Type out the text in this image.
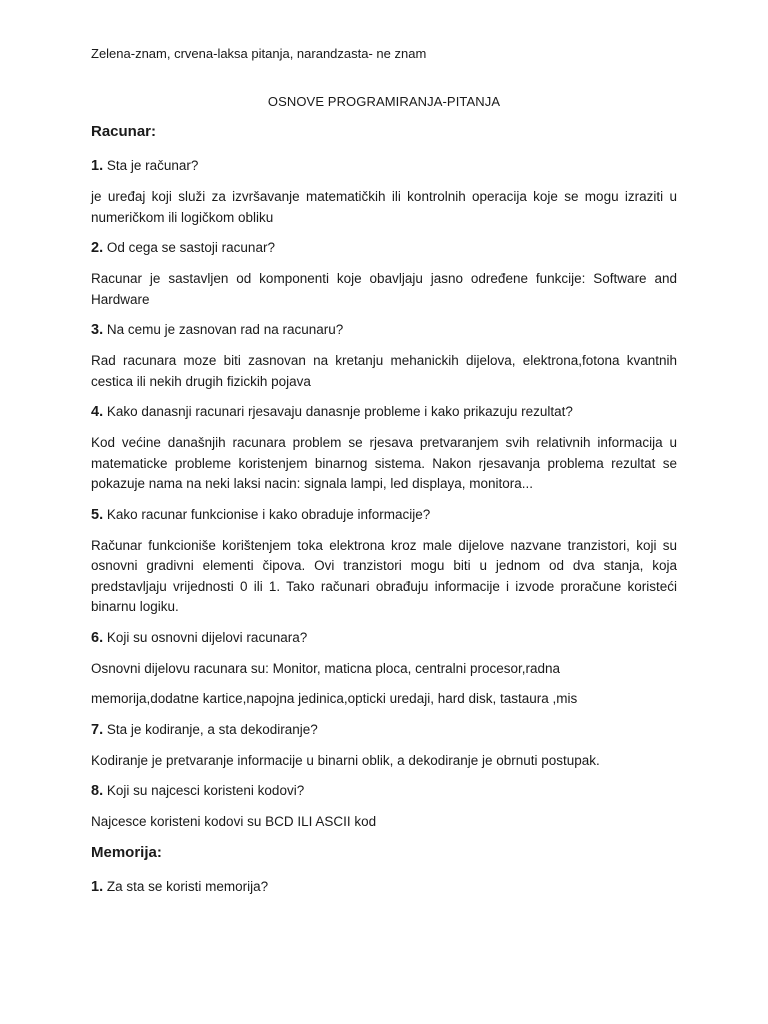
Zelena-znam, crvena-laksa pitanja, narandzasta- ne znam
OSNOVE PROGRAMIRANJA-PITANJA
Racunar:
1. Sta je računar?
je uređaj koji služi za izvršavanje matematičkih ili kontrolnih operacija koje se mogu izraziti u numeričkom ili logičkom obliku
2. Od cega se sastoji racunar?
Racunar je sastavljen od komponenti koje obavljaju jasno određene funkcije: Software and Hardware
3. Na cemu je zasnovan rad na racunaru?
Rad racunara moze biti zasnovan na kretanju mehanickih dijelova, elektrona,fotona kvantnih cestica ili nekih drugih fizickih pojava
4. Kako danasnji racunari rjesavaju danasnje probleme i kako prikazuju rezultat?
Kod većine današnjih racunara problem se rjesava pretvaranjem svih relativnih informacija u matematicke probleme koristenjem binarnog sistema. Nakon rjesavanja problema rezultat se pokazuje nama na neki laksi nacin: signala lampi, led displaya, monitora...
5. Kako racunar funkcionise i kako obraduje informacije?
Računar funkcioniše korištenjem toka elektrona kroz male dijelove nazvane tranzistori, koji su osnovni gradivni elementi čipova. Ovi tranzistori mogu biti u jednom od dva stanja, koja predstavljaju vrijednosti 0 ili 1. Tako računari obrađuju informacije i izvode proračune koristeći binarnu logiku.
6. Koji su osnovni dijelovi racunara?
Osnovni dijelovu racunara su: Monitor, maticna ploca, centralni procesor,radna
memorija,dodatne kartice,napojna jedinica,opticki uredaji, hard disk, tastaura ,mis
7. Sta je kodiranje, a sta dekodiranje?
Kodiranje je pretvaranje informacije u binarni oblik, a dekodiranje je obrnuti postupak.
8. Koji su najcesci koristeni kodovi?
Najcesce koristeni kodovi su BCD ILI ASCII kod
Memorija:
1. Za sta se koristi memorija?
